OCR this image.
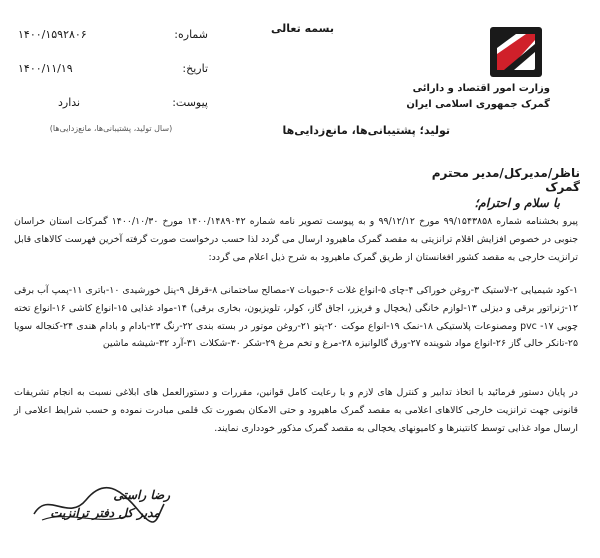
بسمه تعالی
شماره:
۱۴۰۰/۱۵۹۲۸۰۶
تاریخ:
۱۴۰۰/۱۱/۱۹
پیوست:
ندارد
(سال تولید، پشتیبانی‌ها، مانع‌زدایی‌ها)
وزارت امور اقتصاد و دارائی
گمرک جمهوری اسلامی ایران
تولید؛ پشتیبانی‌ها، مانع‌زدایی‌ها
ناظر/مدیرکل/مدیر محترم گمرک
با سلام و احترام؛
پیرو بخشنامه شماره ۹۹/۱۵۴۳۸۵۸ مورخ ۹۹/۱۲/۱۲ و به پیوست تصویر نامه شماره ۱۴۰۰/۱۴۸۹۰۴۲ مورخ ۱۴۰۰/۱۰/۳۰ گمرکات استان خراسان جنوبی در خصوص افزایش اقلام ترانزیتی به مقصد گمرک ماهیرود ارسال می گردد لذا حسب درخواست صورت گرفته آخرین فهرست کالاهای قابل ترانزیت خارجی به مقصد کشور افغانستان از طریق گمرک ماهیرود به شرح ذیل اعلام می گردد:
۱-کود شیمیایی ۲-لاستیک ۳-روغن خوراکی ۴-چای ۵-انواع غلات ۶-حبوبات ۷-مصالح ساختمانی ۸-قرقل ۹-پنل خورشیدی ۱۰-باتری ۱۱-پمپ آب برقی ۱۲-ژنراتور برقی و دیزلی ۱۳-لوازم خانگی (یخچال و فریزر، اجاق گاز، کولر، تلویزیون، بخاری برقی) ۱۴-مواد غذایی ۱۵-انواع کاشی ۱۶-انواع تخته چوبی ۱۷- pvc ومصنوعات پلاستیکی ۱۸-نمک ۱۹-انواع موکت ۲۰-پتو ۲۱-روغن موتور در بسته بندی ۲۲-رنگ ۲۳-بادام و بادام هندی ۲۴-کنجاله سویا ۲۵-تانکر خالی گاز ۲۶-انواع مواد شوینده ۲۷-ورق گالوانیزه ۲۸-مرغ و تخم مرغ ۲۹-شکر ۳۰-شکلات ۳۱-آرد ۳۲-شیشه ماشین
در پایان دستور فرمائید با اتخاذ تدابیر و کنترل های لازم و با رعایت کامل قوانین، مقررات و دستورالعمل های ابلاغی نسبت به انجام تشریفات قانونی جهت ترانزیت خارجی کالاهای اعلامی به مقصد گمرک ماهیرود و حتی الامکان بصورت تک قلمی مبادرت نموده و حسب شرایط اعلامی از ارسال مواد غذایی توسط کانتینرها و کامیونهای یخچالی به مقصد گمرک مذکور خودداری نمایند.
رضا راستی
مدیر کل دفتر ترانزیت
